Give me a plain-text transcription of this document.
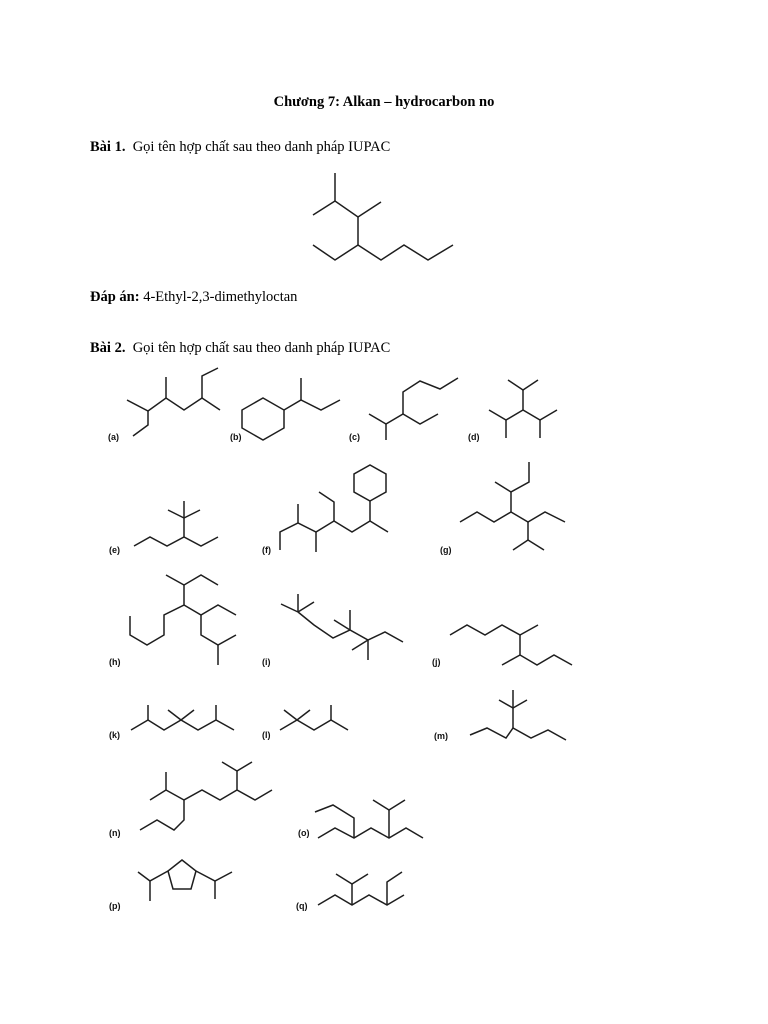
Chương 7: Alkan – hydrocarbon no
Bài 1. Gọi tên hợp chất sau theo danh pháp IUPAC
Đáp án: 4-Ethyl-2,3-dimethyloctan
Bài 2. Gọi tên hợp chất sau theo danh pháp IUPAC
(a)	(b)	(c)	(d)
(e)	(f)	(g)
(h)	(i)	(j)
(k)	(l)	(m)
(n)	(o)
(p)	(q)
